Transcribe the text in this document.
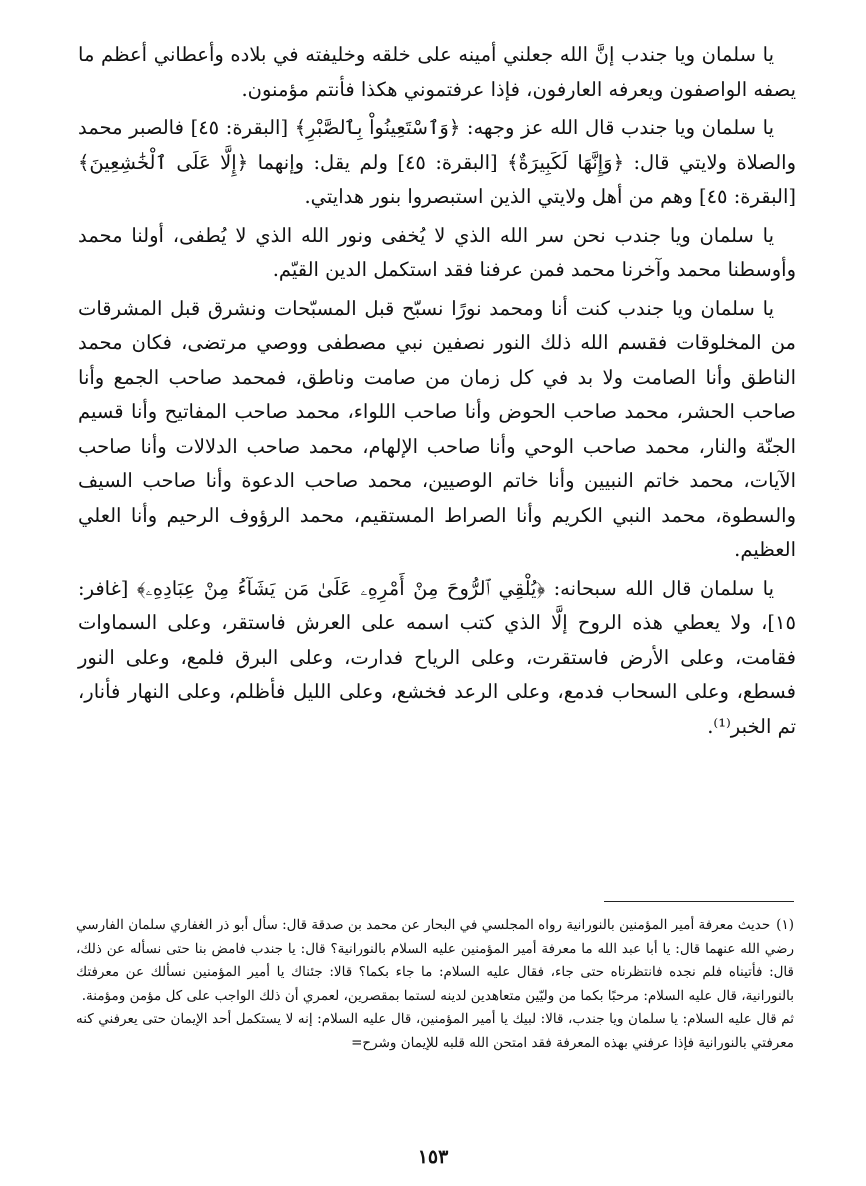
يا سلمان ويا جندب إنَّ الله جعلني أمينه على خلقه وخليفته في بلاده وأعطاني أعظم ما يصفه الواصفون ويعرفه العارفون، فإذا عرفتموني هكذا فأنتم مؤمنون.

يا سلمان ويا جندب قال الله عز وجهه: ﴿وَٱسْتَعِينُواْ بِٱلصَّبْرِ﴾ [البقرة: ٤٥] فالصبر محمد والصلاة ولايتي قال: ﴿وَإِنَّهَا لَكَبِيرَةٌ﴾ [البقرة: ٤٥] ولم يقل: وإنهما ﴿إِلَّا عَلَى ٱلْخَٰشِعِينَ﴾ [البقرة: ٤٥] وهم من أهل ولايتي الذين استبصروا بنور هدايتي.

يا سلمان ويا جندب نحن سر الله الذي لا يُخفى ونور الله الذي لا يُطفى، أولنا محمد وأوسطنا محمد وآخرنا محمد فمن عرفنا فقد استكمل الدين القيّم.

يا سلمان ويا جندب كنت أنا ومحمد نورًا نسبّح قبل المسبّحات ونشرق قبل المشرقات من المخلوقات فقسم الله ذلك النور نصفين نبي مصطفى ووصي مرتضى، فكان محمد الناطق وأنا الصامت ولا بد في كل زمان من صامت وناطق، فمحمد صاحب الجمع وأنا صاحب الحشر، محمد صاحب الحوض وأنا صاحب اللواء، محمد صاحب المفاتيح وأنا قسيم الجنّة والنار، محمد صاحب الوحي وأنا صاحب الإلهام، محمد صاحب الدلالات وأنا صاحب الآيات، محمد خاتم النبيين وأنا خاتم الوصيين، محمد صاحب الدعوة وأنا صاحب السيف والسطوة، محمد النبي الكريم وأنا الصراط المستقيم، محمد الرؤوف الرحيم وأنا العلي العظيم.

يا سلمان قال الله سبحانه: ﴿يُلْقِي ٱلرُّوحَ مِنْ أَمْرِهِۦ عَلَىٰ مَن يَشَآءُ مِنْ عِبَادِهِۦ﴾ [غافر: ١٥]، ولا يعطي هذه الروح إلَّا الذي كتب اسمه على العرش فاستقر، وعلى السماوات فقامت، وعلى الأرض فاستقرت، وعلى الرياح فدارت، وعلى البرق فلمع، وعلى النور فسطع، وعلى السحاب فدمع، وعلى الرعد فخشع، وعلى الليل فأظلم، وعلى النهار فأنار، تم الخبر⁽¹⁾.

(١)حديث معرفة أمير المؤمنين بالنورانية رواه المجلسي في البحار عن محمد بن صدقة قال: سأل أبو ذر الغفاري سلمان الفارسي رضي الله عنهما قال: يا أبا عبد الله ما معرفة أمير المؤمنين عليه السلام بالنورانية؟ قال: يا جندب فامض بنا حتى نسأله عن ذلك، قال: فأتيناه فلم نجده فانتظرناه حتى جاء، فقال عليه السلام: ما جاء بكما؟ قالا: جئناك يا أمير المؤمنين نسألك عن معرفتك بالنورانية، قال عليه السلام: مرحبًا بكما من وليّين متعاهدين لدينه لستما بمقصرين، لعمري أن ذلك الواجب على كل مؤمن ومؤمنة.
ثم قال عليه السلام: يا سلمان ويا جندب، قالا: لبيك يا أمير المؤمنين، قال عليه السلام: إنه لا يستكمل أحد الإيمان حتى يعرفني كنه معرفتي بالنورانية فإذا عرفني بهذه المعرفة فقد امتحن الله قلبه للإيمان وشرح=
١٥٣
